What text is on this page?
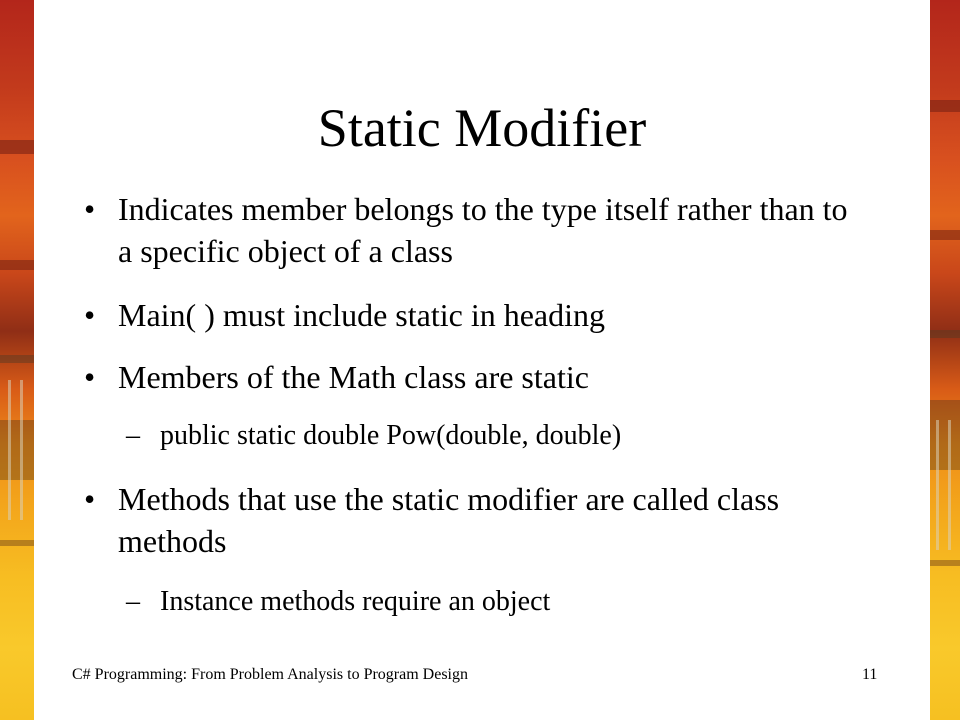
Static Modifier
• Indicates member belongs to the type itself rather than to a specific object of a class
• Main( ) must include static in heading
• Members of the Math class are static
– public static double Pow(double, double)
• Methods that use the static modifier are called class methods
– Instance methods require an object
C# Programming: From Problem Analysis to Program Design	11
